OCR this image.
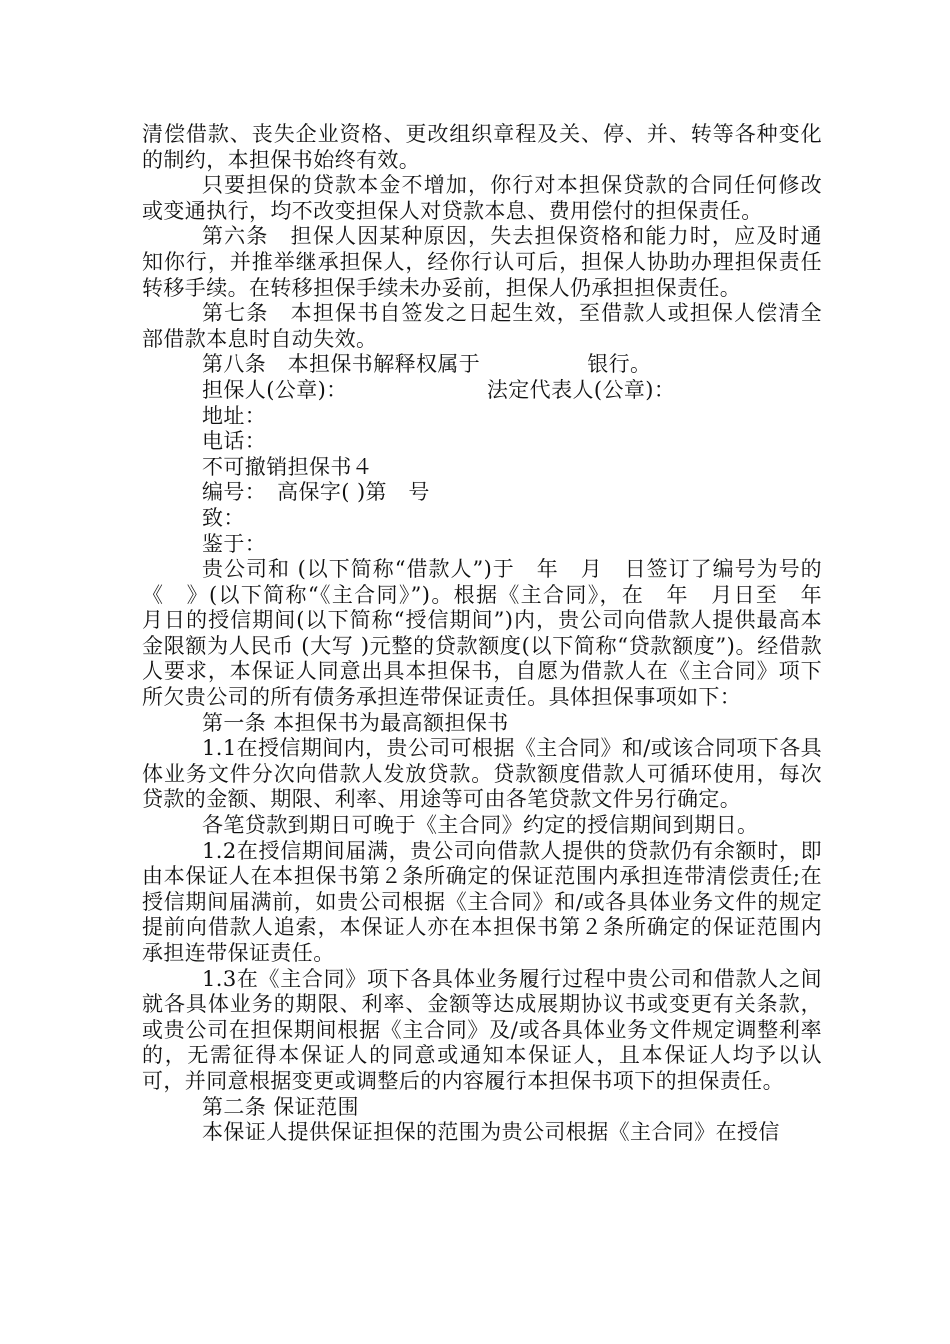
清偿借款、丧失企业资格、更改组织章程及关、停、并、转等各种变化的制约，本担保书始终有效。

只要担保的贷款本金不增加，你行对本担保贷款的合同任何修改或变通执行，均不改变担保人对贷款本息、费用偿付的担保责任。

第六条　担保人因某种原因，失去担保资格和能力时，应及时通知你行，并推举继承担保人，经你行认可后，担保人协助办理担保责任转移手续。在转移担保手续未办妥前，担保人仍承担担保责任。

第七条　本担保书自签发之日起生效，至借款人或担保人偿清全部借款本息时自动失效。

第八条　本担保书解释权属于　　　　　银行。

担保人(公章)：　　　　　　　法定代表人(公章)：

地址：

电话：

不可撤销担保书４

编号：　高保字( )第　号

致：

鉴于：

贵公司和 (以下简称“借款人”)于　年　月　日签订了编号为号的《　》(以下简称“《主合同》”)。根据《主合同》，在　年　月日至　年　月日的授信期间(以下简称“授信期间”)内，贵公司向借款人提供最高本金限额为人民币 (大写 )元整的贷款额度(以下简称“贷款额度”)。经借款人要求，本保证人同意出具本担保书，自愿为借款人在《主合同》项下所欠贵公司的所有债务承担连带保证责任。具体担保事项如下：

第一条 本担保书为最高额担保书

1.1在授信期间内，贵公司可根据《主合同》和/或该合同项下各具体业务文件分次向借款人发放贷款。贷款额度借款人可循环使用，每次贷款的金额、期限、利率、用途等可由各笔贷款文件另行确定。

各笔贷款到期日可晚于《主合同》约定的授信期间到期日。

1.2在授信期间届满，贵公司向借款人提供的贷款仍有余额时，即由本保证人在本担保书第２条所确定的保证范围内承担连带清偿责任;在授信期间届满前，如贵公司根据《主合同》和/或各具体业务文件的规定提前向借款人追索，本保证人亦在本担保书第２条所确定的保证范围内承担连带保证责任。

1.3在《主合同》项下各具体业务履行过程中贵公司和借款人之间就各具体业务的期限、利率、金额等达成展期协议书或变更有关条款，或贵公司在担保期间根据《主合同》及/或各具体业务文件规定调整利率的，无需征得本保证人的同意或通知本保证人，且本保证人均予以认可，并同意根据变更或调整后的内容履行本担保书项下的担保责任。

第二条 保证范围

本保证人提供保证担保的范围为贵公司根据《主合同》在授信
